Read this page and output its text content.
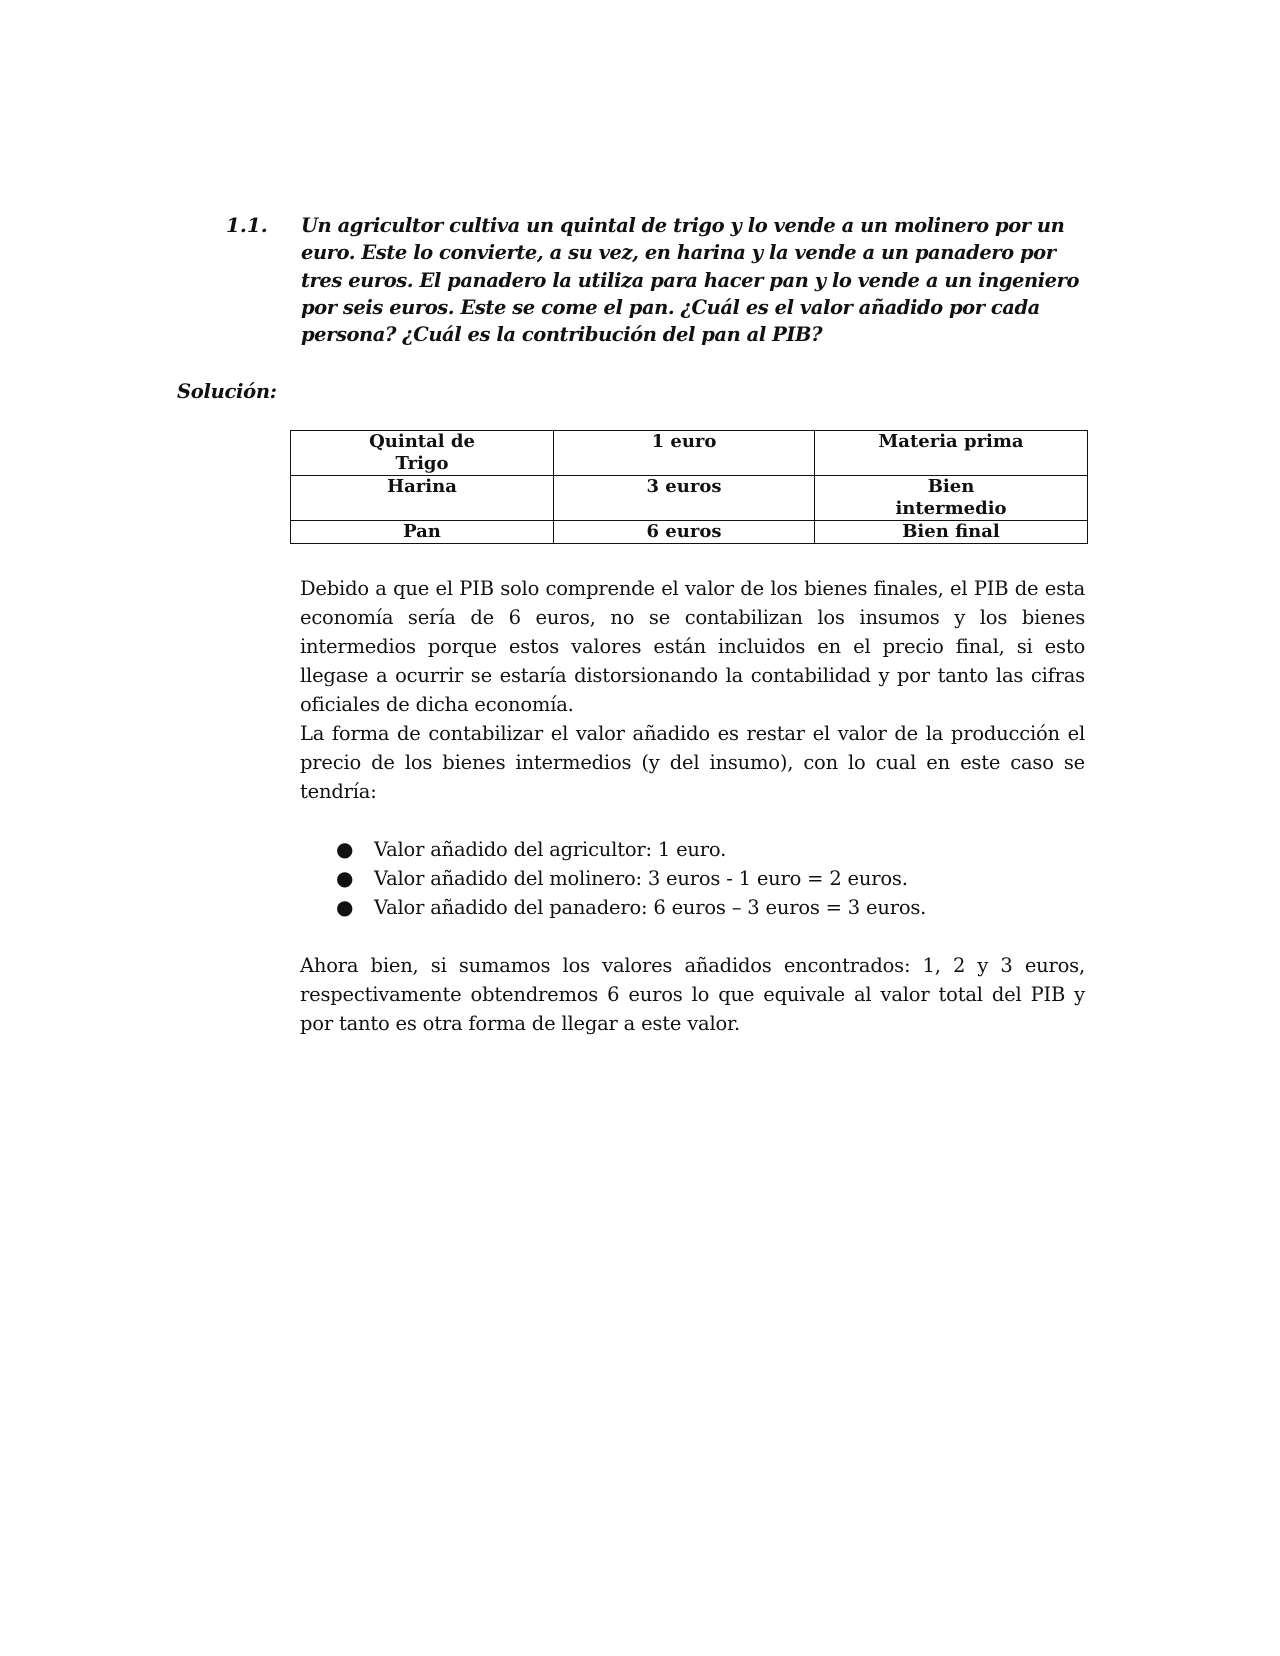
1.1. Un agricultor cultiva un quintal de trigo y lo vende a un molinero por un euro. Este lo convierte, a su vez, en harina y la vende a un panadero por tres euros. El panadero la utiliza para hacer pan y lo vende a un ingeniero por seis euros. Este se come el pan. ¿Cuál es el valor añadido por cada persona? ¿Cuál es la contribución del pan al PIB?
Solución:
Quintal de Trigo	1 euro	Materia prima
Harina	3 euros	Bien intermedio
Pan	6 euros	Bien final

Debido a que el PIB solo comprende el valor de los bienes finales, el PIB de esta economía sería de 6 euros, no se contabilizan los insumos y los bienes intermedios porque estos valores están incluidos en el precio final, si esto llegase a ocurrir se estaría distorsionando la contabilidad y por tanto las cifras oficiales de dicha economía.

La forma de contabilizar el valor añadido es restar el valor de la producción el precio de los bienes intermedios (y del insumo), con lo cual en este caso se tendría:

● Valor añadido del agricultor: 1 euro.
● Valor añadido del molinero: 3 euros - 1 euro = 2 euros.
● Valor añadido del panadero: 6 euros – 3 euros = 3 euros.

Ahora bien, si sumamos los valores añadidos encontrados: 1, 2 y 3 euros, respectivamente obtendremos 6 euros lo que equivale al valor total del PIB y por tanto es otra forma de llegar a este valor.
